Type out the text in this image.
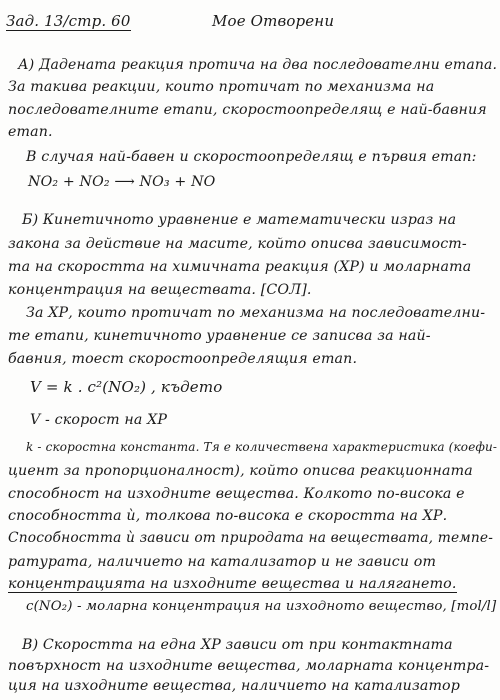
Зад. 13/стр. 60	Мое Отворени
А) Даденатa реакция протича на два последователни етапa.
За такива реакции, които протичат по механизма на
последователните етапи, скоростоопределящ е най-бавния
етап.
В случая най-бавен и скоростоопределящ е първия етап:
NO₂ + NO₂ ⟶ NO₃ + NO
Б) Кинетичното уравнение е математически израз на
закона за действие на масите, който описва зависимост-
та на скоростта на химичната реакция (ХР) и моларната
концентрация на веществата. [COЛ].
За ХР, които протичат по механизма на последователни-
те етапи, кинетичното уравнение се записва за най-
бавния, тоест скоростоопределящия етап.
V = k . c²(NO₂) , където
V - скорост на ХР
k - скоростна константа. Тя е количествена характеристика (коефи-
циент за пропорционалност), който описва реакционната
способност на изходните вещества. Колкото по-висока е
способността ѝ, толкова по-висока е скоростта на ХР.
Способността ѝ зависи от природата на веществата, темпе-
ратурата, наличието на катализатор и не зависи от
концентрацията на изходните вещества и налягането.
c(NO₂) - моларна концентрация на изходното вещество, [mol/l]
В) Скоростта на една ХР зависи от при контактната
повърхност на изходните вещества, моларната концентра-
ция на изходните вещества, наличието на катализатор
